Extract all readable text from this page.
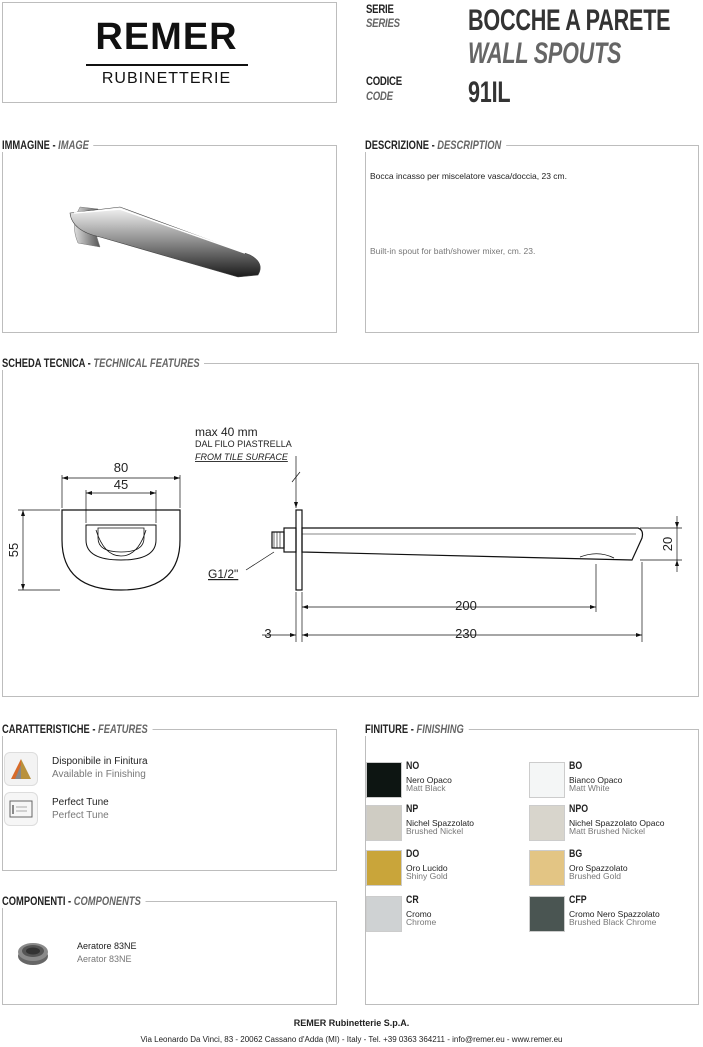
REMER
RUBINETTERIE
SERIE
SERIES BOCCHE A PARETE
WALL SPOUTS
CODICE
CODE	91IL
IMMAGINE - IMAGE	DESCRIZIONE - DESCRIPTION
Bocca incasso per miscelatore vasca/doccia, 23 cm.
Built-in spout for bath/shower mixer, cm. 23.
SCHEDA TECNICA - TECHNICAL FEATURES
80
45
55
max 40 mm
DAL FILO PIASTRELLA
FROM TILE SURFACE
G1/2"
20
200
3	230
CARATTERISTICHE - FEATURES
Disponibile in Finitura
Available in Finishing
Perfect Tune
Perfect Tune
COMPONENTI - COMPONENTS
Aeratore 83NE
Aerator 83NE
FINITURE - FINISHING
NO
Nero Opaco
Matt Black
BO
Bianco Opaco
Matt White
NP
Nichel Spazzolato
Brushed Nickel
NPO
Nichel Spazzolato Opaco
Matt Brushed Nickel
DO
Oro Lucido
Shiny Gold
BG
Oro Spazzolato
Brushed Gold
CR
Cromo
Chrome
CFP
Cromo Nero Spazzolato
Brushed Black Chrome
REMER Rubinetterie S.p.A.
Via Leonardo Da Vinci, 83 - 20062 Cassano d'Adda (MI) - Italy - Tel. +39 0363 364211 - info@remer.eu - www.remer.eu
